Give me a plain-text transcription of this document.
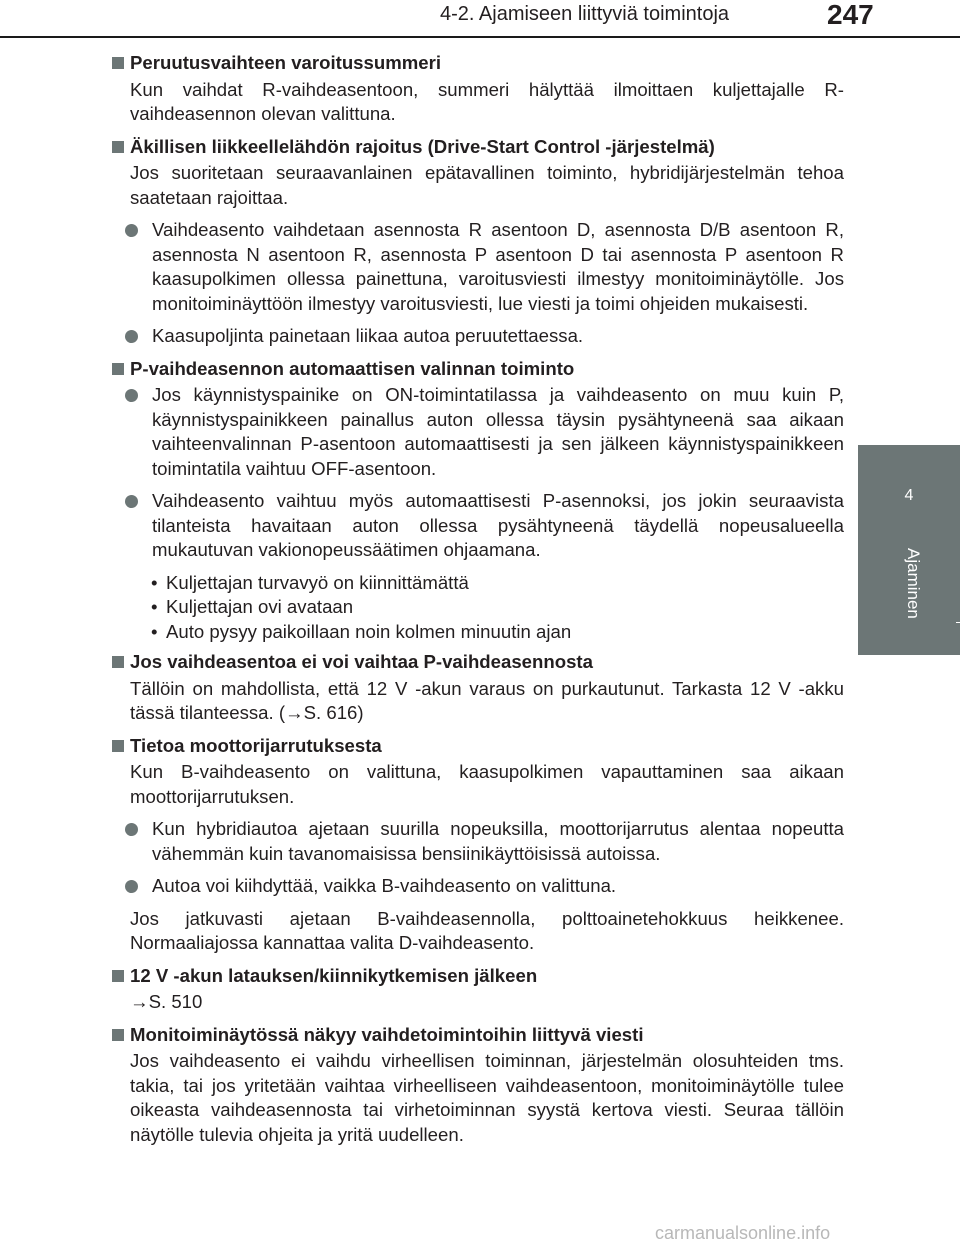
4-2. Ajamiseen liittyviä toimintoja	247
4
Ajaminen
Peruutusvaihteen varoitussummeri
Kun vaihdat R-vaihdeasentoon, summeri hälyttää ilmoittaen kuljettajalle R-vaihdeasennon olevan valittuna.
Äkillisen liikkeellelähdön rajoitus (Drive-Start Control -järjestelmä)
Jos suoritetaan seuraavanlainen epätavallinen toiminto, hybridijärjestelmän tehoa saatetaan rajoittaa.
Vaihdeasento vaihdetaan asennosta R asentoon D, asennosta D/B asentoon R, asennosta N asentoon R, asennosta P asentoon D tai asennosta P asentoon R kaasupolkimen ollessa painettuna, varoitusviesti ilmestyy monitoiminäytölle. Jos monitoiminäyttöön ilmestyy varoitusviesti, lue viesti ja toimi ohjeiden mukaisesti.
Kaasupoljinta painetaan liikaa autoa peruutettaessa.
P-vaihdeasennon automaattisen valinnan toiminto
Jos käynnistyspainike on ON-toimintatilassa ja vaihdeasento on muu kuin P, käynnistyspainikkeen painallus auton ollessa täysin pysähtyneenä saa aikaan vaihteenvalinnan P-asentoon automaattisesti ja sen jälkeen käynnistyspainikkeen toimintatila vaihtuu OFF-asentoon.
Vaihdeasento vaihtuu myös automaattisesti P-asennoksi, jos jokin seuraavista tilanteista havaitaan auton ollessa pysähtyneenä täydellä nopeusalueella mukautuvan vakionopeussäätimen ohjaamana.
• Kuljettajan turvavyö on kiinnittämättä
• Kuljettajan ovi avataan
• Auto pysyy paikoillaan noin kolmen minuutin ajan
Jos vaihdeasentoa ei voi vaihtaa P-vaihdeasennosta
Tällöin on mahdollista, että 12 V -akun varaus on purkautunut. Tarkasta 12 V -akku tässä tilanteessa. (→S. 616)
Tietoa moottorijarrutuksesta
Kun B-vaihdeasento on valittuna, kaasupolkimen vapauttaminen saa aikaan moottorijarrutuksen.
Kun hybridiautoa ajetaan suurilla nopeuksilla, moottorijarrutus alentaa nopeutta vähemmän kuin tavanomaisissa bensiinikäyttöisissä autoissa.
Autoa voi kiihdyttää, vaikka B-vaihdeasento on valittuna.
Jos jatkuvasti ajetaan B-vaihdeasennolla, polttoainetehokkuus heikkenee. Normaaliajossa kannattaa valita D-vaihdeasento.
12 V -akun latauksen/kiinnikytkemisen jälkeen
→S. 510
Monitoiminäytössä näkyy vaihdetoimintoihin liittyvä viesti
Jos vaihdeasento ei vaihdu virheellisen toiminnan, järjestelmän olosuhteiden tms. takia, tai jos yritetään vaihtaa virheelliseen vaihdeasentoon, monitoiminäytölle tulee oikeasta vaihdeasennosta tai virhetoiminnan syystä kertova viesti. Seuraa tällöin näytölle tulevia ohjeita ja yritä uudelleen.
carmanualsonline.info
